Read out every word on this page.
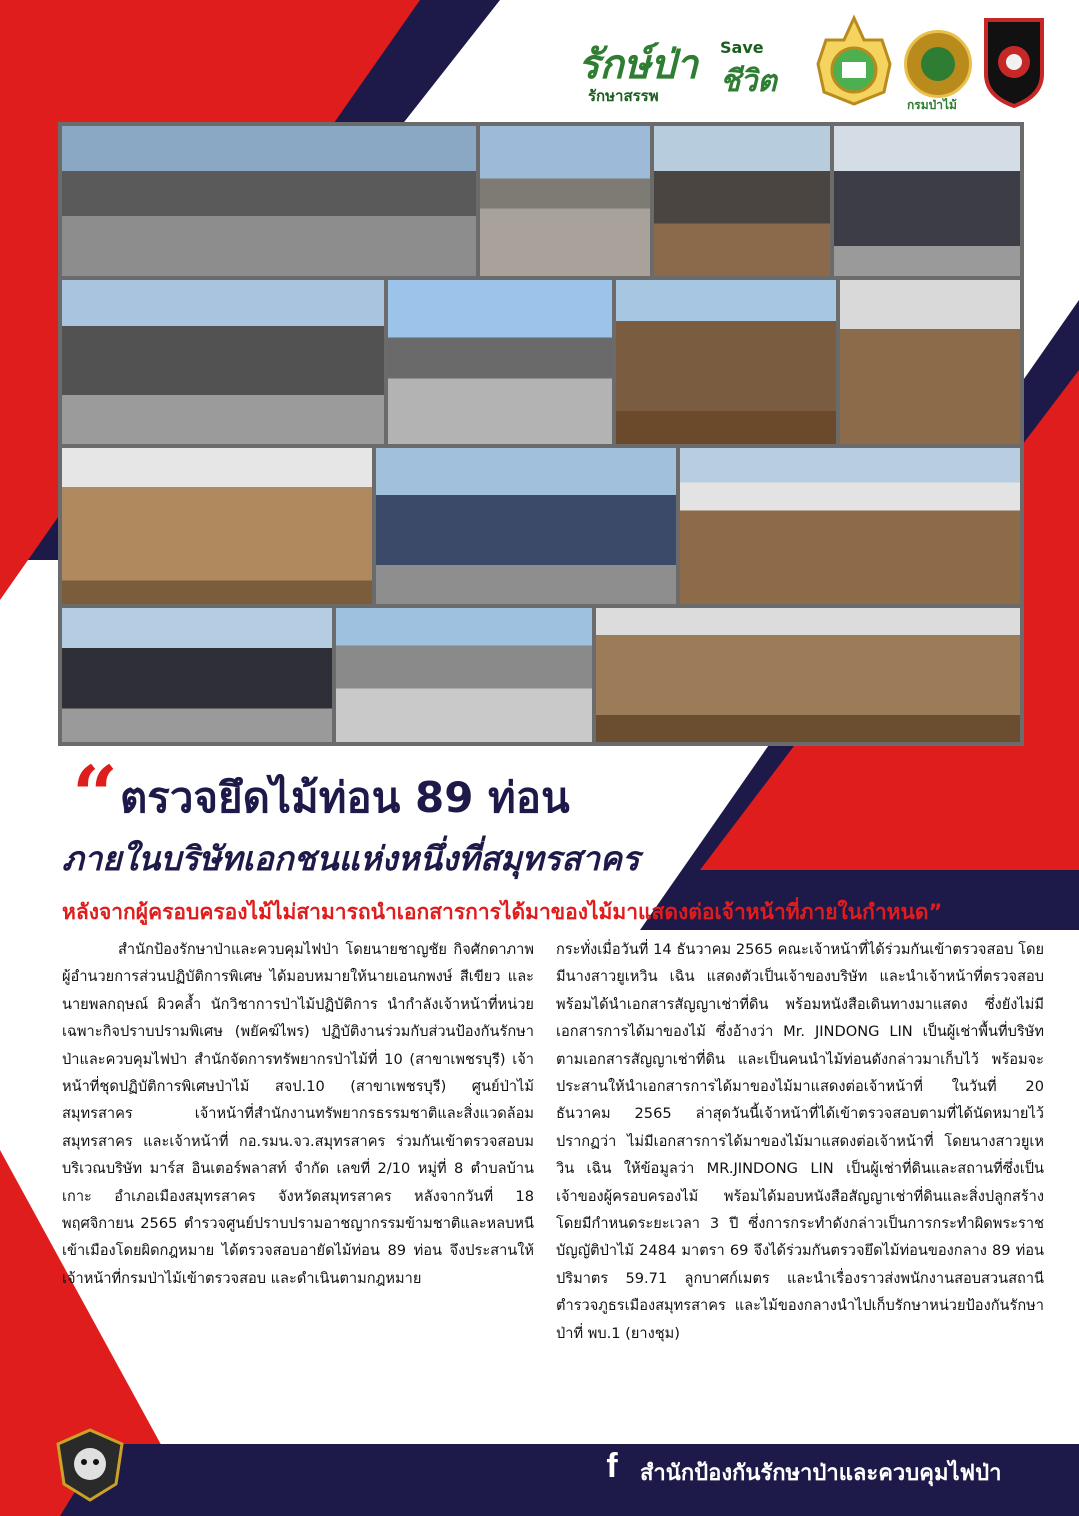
รักษ์ป่า Save
ชีวิต
รักษาสรรพ	กรมป่าไม้
“ ตรวจยึดไม้ท่อน 89 ท่อน
ภายในบริษัทเอกชนแห่งหนึ่งที่สมุทรสาคร
หลังจากผู้ครอบครองไม้ไม่สามารถนำเอกสารการได้มาของไม้มาแสดงต่อเจ้าหน้าที่ภายในกำหนด”

สำนักป้องรักษาป่าและควบคุมไฟป่า โดยนายชาญชัย กิจศักดาภาพ ผู้อำนวยการส่วนปฏิบัติการพิเศษ ได้มอบหมายให้นายเอนกพงษ์ สีเขียว และนายพลกฤษณ์ ผิวคล้ำ นักวิชาการป่าไม้ปฏิบัติการ นำกำลังเจ้าหน้าที่หน่วยเฉพาะกิจปราบปรามพิเศษ (พยัคฆ์ไพร) ปฏิบัติงานร่วมกับส่วนป้องกันรักษาป่าและควบคุมไฟป่า สำนักจัดการทรัพยากรป่าไม้ที่ 10 (สาขาเพชรบุรี) เจ้าหน้าที่ชุดปฏิบัติการพิเศษป่าไม้ สจป.10 (สาขาเพชรบุรี) ศูนย์ป่าไม้สมุทรสาคร เจ้าหน้าที่สำนักงานทรัพยากรธรรมชาติและสิ่งแวดล้อมสมุทรสาคร และเจ้าหน้าที่ กอ.รมน.จว.สมุทรสาคร ร่วมกันเข้าตรวจสอบมบริเวณบริษัท มาร์ส อินเตอร์พลาสท์ จำกัด เลขที่ 2/10 หมู่ที่ 8 ตำบลบ้านเกาะ อำเภอเมืองสมุทรสาคร จังหวัดสมุทรสาคร หลังจากวันที่ 18 พฤศจิกายน 2565 ตำรวจศูนย์ปราบปรามอาชญากรรมข้ามชาติและหลบหนีเข้าเมืองโดยผิดกฎหมาย ได้ตรวจสอบอายัดไม้ท่อน 89 ท่อน จึงประสานให้เจ้าหน้าที่กรมป่าไม้เข้าตรวจสอบ และดำเนินตามกฎหมาย

กระทั่งเมื่อวันที่ 14 ธันวาคม 2565 คณะเจ้าหน้าที่ได้ร่วมกันเข้าตรวจสอบ โดยมีนางสาวยูเหวิน เฉิน แสดงตัวเป็นเจ้าของบริษัท และนำเจ้าหน้าที่ตรวจสอบ พร้อมได้นำเอกสารสัญญาเช่าที่ดิน พร้อมหนังสือเดินทางมาแสดง ซึ่งยังไม่มีเอกสารการได้มาของไม้ ซึ่งอ้างว่า Mr. JINDONG LIN เป็นผู้เช่าพื้นที่บริษัท ตามเอกสารสัญญาเช่าที่ดิน และเป็นคนนำไม้ท่อนดังกล่าวมาเก็บไว้ พร้อมจะประสานให้นำเอกสารการได้มาของไม้มาแสดงต่อเจ้าหน้าที่ ในวันที่ 20 ธันวาคม 2565 ล่าสุดวันนี้เจ้าหน้าที่ได้เข้าตรวจสอบตามที่ได้นัดหมายไว้ปรากฏว่า ไม่มีเอกสารการได้มาของไม้มาแสดงต่อเจ้าหน้าที่ โดยนางสาวยูเหวิน เฉิน ให้ข้อมูลว่า MR.JINDONG LIN เป็นผู้เช่าที่ดินและสถานที่ซึ่งเป็นเจ้าของผู้ครอบครองไม้ พร้อมได้มอบหนังสือสัญญาเช่าที่ดินและสิ่งปลูกสร้าง โดยมีกำหนดระยะเวลา 3 ปี ซึ่งการกระทำดังกล่าวเป็นการกระทำผิดพระราชบัญญัติป่าไม้ 2484 มาตรา 69 จึงได้ร่วมกันตรวจยึดไม้ท่อนของกลาง 89 ท่อน ปริมาตร 59.71 ลูกบาศก์เมตร และนำเรื่องราวส่งพนักงานสอบสวนสถานีตำรวจภูธรเมืองสมุทรสาคร และไม้ของกลางนำไปเก็บรักษาหน่วยป้องกันรักษาป่าที่ พบ.1 (ยางชุม)

f	สำนักป้องกันรักษาป่าและควบคุมไฟป่า
